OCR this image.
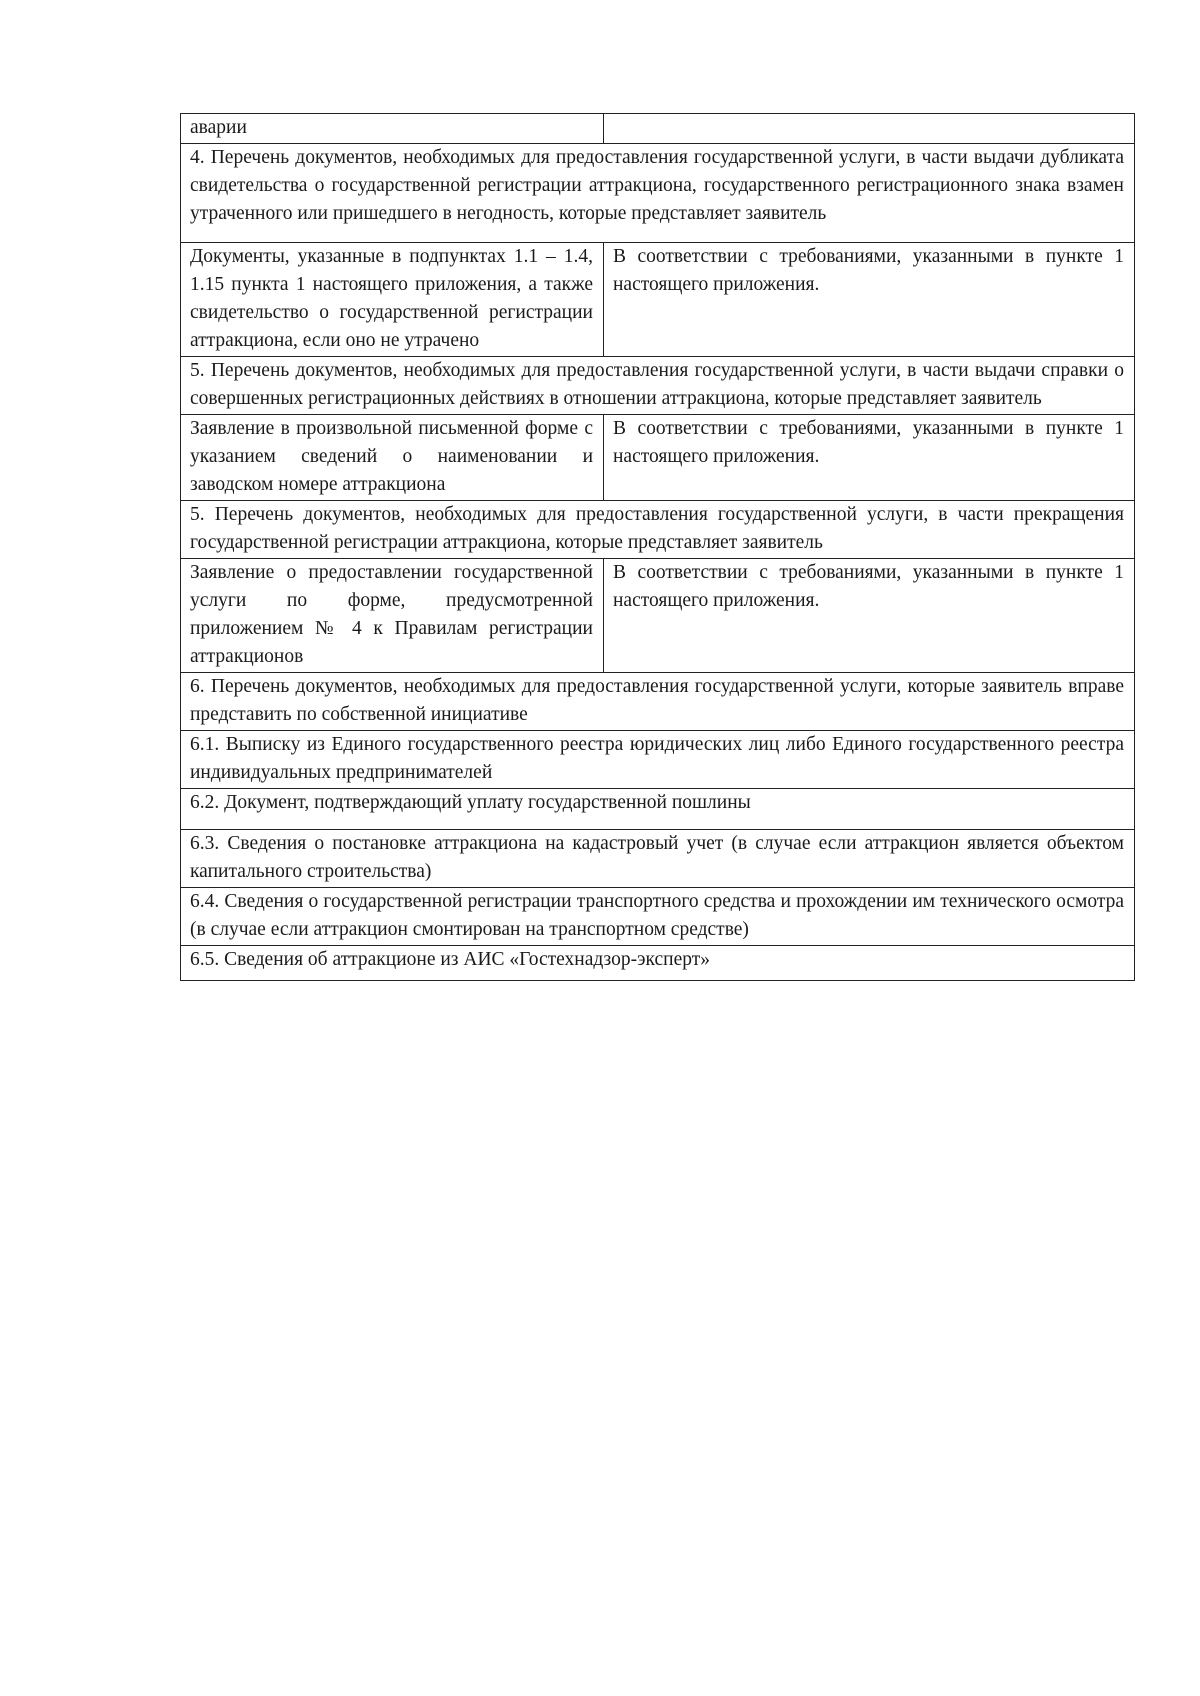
аварии	
4. Перечень документов, необходимых для предоставления государственной услуги, в части выдачи дубликата свидетельства о государственной регистрации аттракциона, государственного регистрационного знака взамен утраченного или пришедшего в негодность, которые представляет заявитель	
Документы, указанные в подпунктах 1.1 – 1.4, 1.15 пункта 1 настоящего приложения, а также свидетельство о государственной регистрации аттракциона, если оно не утрачено	В соответствии с требованиями, указанными в пункте 1 настоящего приложения.
5. Перечень документов, необходимых для предоставления государственной услуги, в части выдачи справки о совершенных регистрационных действиях в отношении аттракциона, которые представляет заявитель	
Заявление в произвольной письменной форме с указанием сведений о наименовании и заводском номере аттракциона	В соответствии с требованиями, указанными в пункте 1 настоящего приложения.
5. Перечень документов, необходимых для предоставления государственной услуги, в части прекращения государственной регистрации аттракциона, которые представляет заявитель	
Заявление о предоставлении государственной услуги по форме, предусмотренной приложением № 4 к Правилам регистрации аттракционов	В соответствии с требованиями, указанными в пункте 1 настоящего приложения.
6. Перечень документов, необходимых для предоставления государственной услуги, которые заявитель вправе представить по собственной инициативе	
6.1. Выписку из Единого государственного реестра юридических лиц либо Единого государственного реестра индивидуальных предпринимателей	
6.2. Документ, подтверждающий уплату государственной пошлины	
6.3. Сведения о постановке аттракциона на кадастровый учет (в случае если аттракцион является объектом капитального строительства)	
6.4. Сведения о государственной регистрации транспортного средства и прохождении им технического осмотра (в случае если аттракцион смонтирован на транспортном средстве)	
6.5. Сведения об аттракционе из АИС «Гостехнадзор-эксперт»	
